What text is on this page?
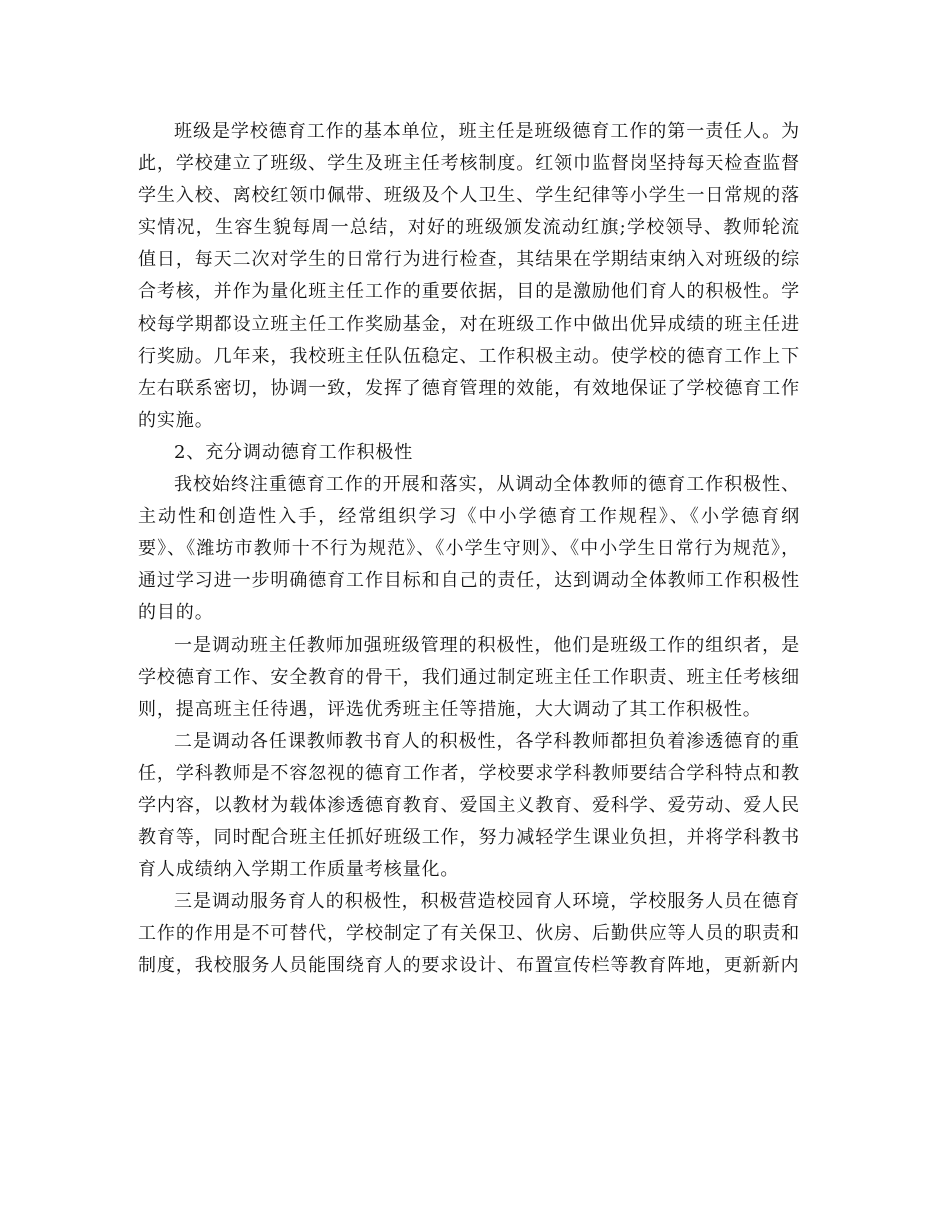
班级是学校德育工作的基本单位，班主任是班级德育工作的第一责任人。为此，学校建立了班级、学生及班主任考核制度。红领巾监督岗坚持每天检查监督学生入校、离校红领巾佩带、班级及个人卫生、学生纪律等小学生一日常规的落实情况，生容生貌每周一总结，对好的班级颁发流动红旗;学校领导、教师轮流值日，每天二次对学生的日常行为进行检查，其结果在学期结束纳入对班级的综合考核，并作为量化班主任工作的重要依据，目的是激励他们育人的积极性。学校每学期都设立班主任工作奖励基金，对在班级工作中做出优异成绩的班主任进行奖励。几年来，我校班主任队伍稳定、工作积极主动。使学校的德育工作上下左右联系密切，协调一致，发挥了德育管理的效能，有效地保证了学校德育工作的实施。

2、充分调动德育工作积极性

我校始终注重德育工作的开展和落实，从调动全体教师的德育工作积极性、主动性和创造性入手，经常组织学习《中小学德育工作规程》、《小学德育纲要》、《潍坊市教师十不行为规范》、《小学生守则》、《中小学生日常行为规范》，通过学习进一步明确德育工作目标和自己的责任，达到调动全体教师工作积极性的目的。

一是调动班主任教师加强班级管理的积极性，他们是班级工作的组织者，是学校德育工作、安全教育的骨干，我们通过制定班主任工作职责、班主任考核细则，提高班主任待遇，评选优秀班主任等措施，大大调动了其工作积极性。

二是调动各任课教师教书育人的积极性，各学科教师都担负着渗透德育的重任，学科教师是不容忽视的德育工作者，学校要求学科教师要结合学科特点和教学内容，以教材为载体渗透德育教育、爱国主义教育、爱科学、爱劳动、爱人民教育等，同时配合班主任抓好班级工作，努力减轻学生课业负担，并将学科教书育人成绩纳入学期工作质量考核量化。

三是调动服务育人的积极性，积极营造校园育人环境，学校服务人员在德育工作的作用是不可替代，学校制定了有关保卫、伙房、后勤供应等人员的职责和制度，我校服务人员能围绕育人的要求设计、布置宣传栏等教育阵地，更新新内
